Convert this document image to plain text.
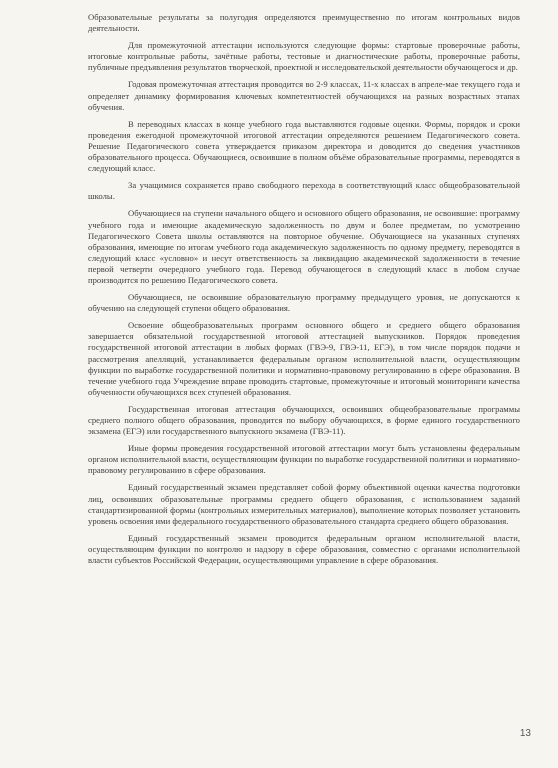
Образовательные результаты за полугодия определяются преимущественно по итогам контрольных видов деятельности.

Для промежуточной аттестации используются следующие формы: стартовые проверочные работы, итоговые контрольные работы, зачётные работы, тестовые и диагностические работы, проверочные работы, публичные предъявления результатов творческой, проектной и исследовательской деятельности обучающегося и др.

Годовая промежуточная аттестация проводится во 2-9 классах, 11-х классах в апреле-мае текущего года и определяет динамику формирования ключевых компетентностей обучающихся на разных возрастных этапах обучения.

В переводных классах в конце учебного года выставляются годовые оценки. Формы, порядок и сроки проведения ежегодной промежуточной итоговой аттестации определяются решением Педагогического совета. Решение Педагогического совета утверждается приказом директора и доводится до сведения участников образовательного процесса. Обучающиеся, освоившие в полном объёме образовательные программы, переводятся в следующий класс.

За учащимися сохраняется право свободного перехода в соответствующий класс общеобразовательной школы.

Обучающиеся на ступени начального общего и основного общего образования, не освоившие: программу учебного года и имеющие академическую задолженность по двум и более предметам, по усмотрению Педагогического Совета школы оставляются на повторное обучение. Обучающиеся на указанных ступенях образования, имеющие по итогам учебного года академическую задолженность по одному предмету, переводятся в следующий класс «условно» и несут ответственность за ликвидацию академической задолженности в течение первой четверти очередного учебного года. Перевод обучающегося в следующий класс в любом случае производится по решению Педагогического совета.

Обучающиеся, не освоившие образовательную программу предыдущего уровня, не допускаются к обучению на следующей ступени общего образования.

Освоение общеобразовательных программ основного общего и среднего общего образования завершается обязательной государственной итоговой аттестацией выпускников. Порядок проведения государственной итоговой аттестации в любых формах (ГВЭ-9, ГВЭ-11, ЕГЭ), в том числе порядок подачи и рассмотрения апелляций, устанавливается федеральным органом исполнительной власти, осуществляющим функции по выработке государственной политики и нормативно-правовому регулированию в сфере образования. В течение учебного года Учреждение вправе проводить стартовые, промежуточные и итоговый мониторинги качества обученности обучающихся всех ступеней образования.

Государственная итоговая аттестация обучающихся, освоивших общеобразовательные программы среднего полного общего образования, проводится по выбору обучающихся, в форме единого государственного экзамена (ЕГЭ) или государственного выпускного экзамена (ГВЭ-11).

Иные формы проведения государственной итоговой аттестации могут быть установлены федеральным органом исполнительной власти, осуществляющим функции по выработке государственной политики и нормативно-правовому регулированию в сфере образования.

Единый государственный экзамен представляет собой форму объективной оценки качества подготовки лиц, освоивших образовательные программы среднего общего образования, с использованием заданий стандартизированной формы (контрольных измерительных материалов), выполнение которых позволяет установить уровень освоения ими федерального государственного образовательного стандарта среднего общего образования.

Единый государственный экзамен проводится федеральным органом исполнительной власти, осуществляющим функции по контролю и надзору в сфере образования, совместно с органами исполнительной власти субъектов Российской Федерации, осуществляющими управление в сфере образования.

13
